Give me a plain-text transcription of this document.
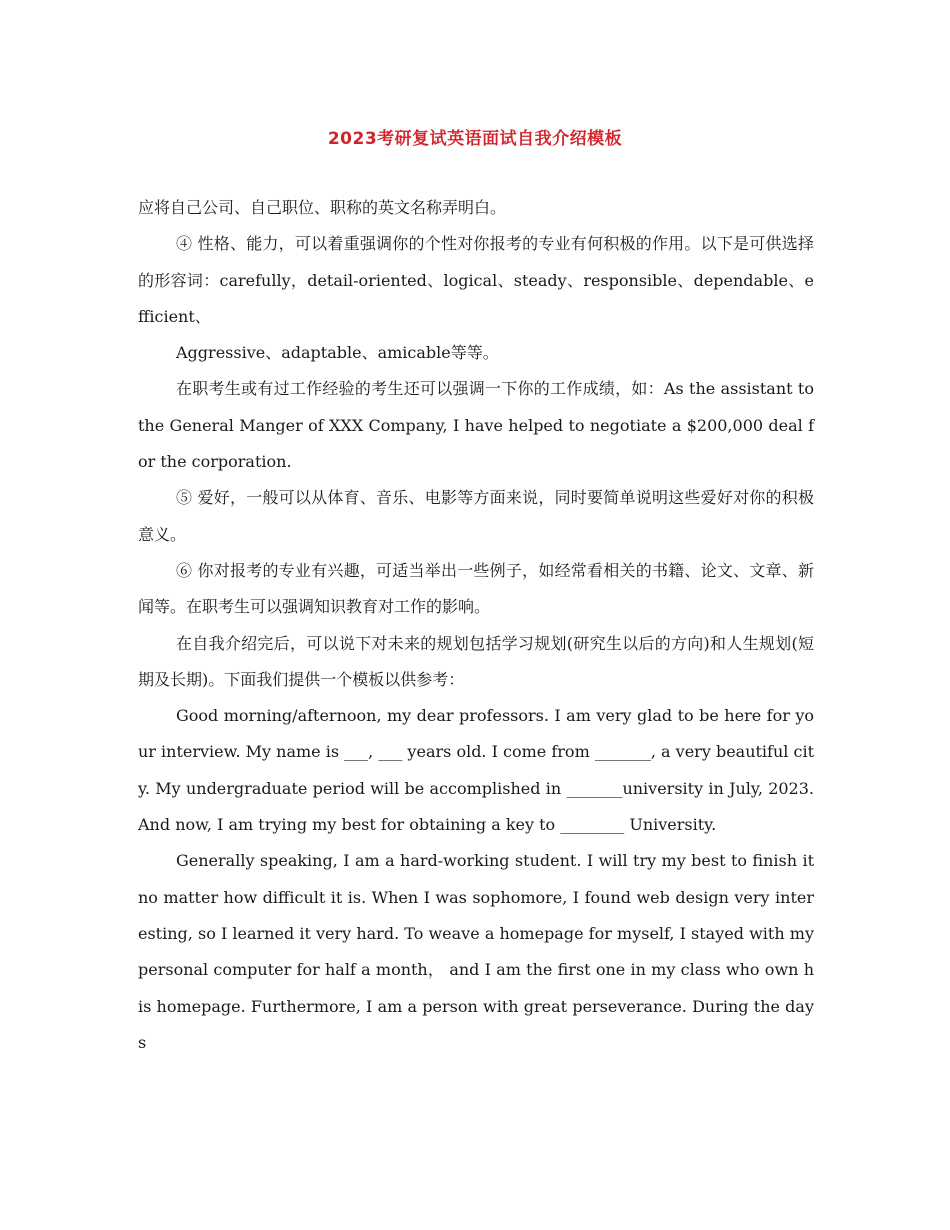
2023考研复试英语面试自我介绍模板

应将自己公司、自己职位、职称的英文名称弄明白。

④ 性格、能力，可以着重强调你的个性对你报考的专业有何积极的作用。以下是可供选择的形容词：carefully，detail-oriented、logical、steady、responsible、dependable、efficient、

Aggressive、adaptable、amicable等等。

在职考生或有过工作经验的考生还可以强调一下你的工作成绩，如：As the assistant to the General Manger of XXX Company, I have helped to negotiate a $200,000 deal for the corporation.

⑤ 爱好，一般可以从体育、音乐、电影等方面来说，同时要简单说明这些爱好对你的积极意义。

⑥ 你对报考的专业有兴趣，可适当举出一些例子，如经常看相关的书籍、论文、文章、新闻等。在职考生可以强调知识教育对工作的影响。

在自我介绍完后，可以说下对未来的规划包括学习规划(研究生以后的方向)和人生规划(短期及长期)。下面我们提供一个模板以供参考：

Good morning/afternoon, my dear professors. I am very glad to be here for your interview. My name is ___, ___ years old. I come from _______, a very beautiful city. My undergraduate period will be accomplished in _______university in July, 2023. And now, I am trying my best for obtaining a key to ________ University.

Generally speaking, I am a hard-working student. I will try my best to finish it no matter how difficult it is. When I was sophomore, I found web design very interesting, so I learned it very hard. To weave a homepage for myself, I stayed with my personal computer for half a month， and I am the first one in my class who own his homepage. Furthermore, I am a person with great perseverance. During the days
